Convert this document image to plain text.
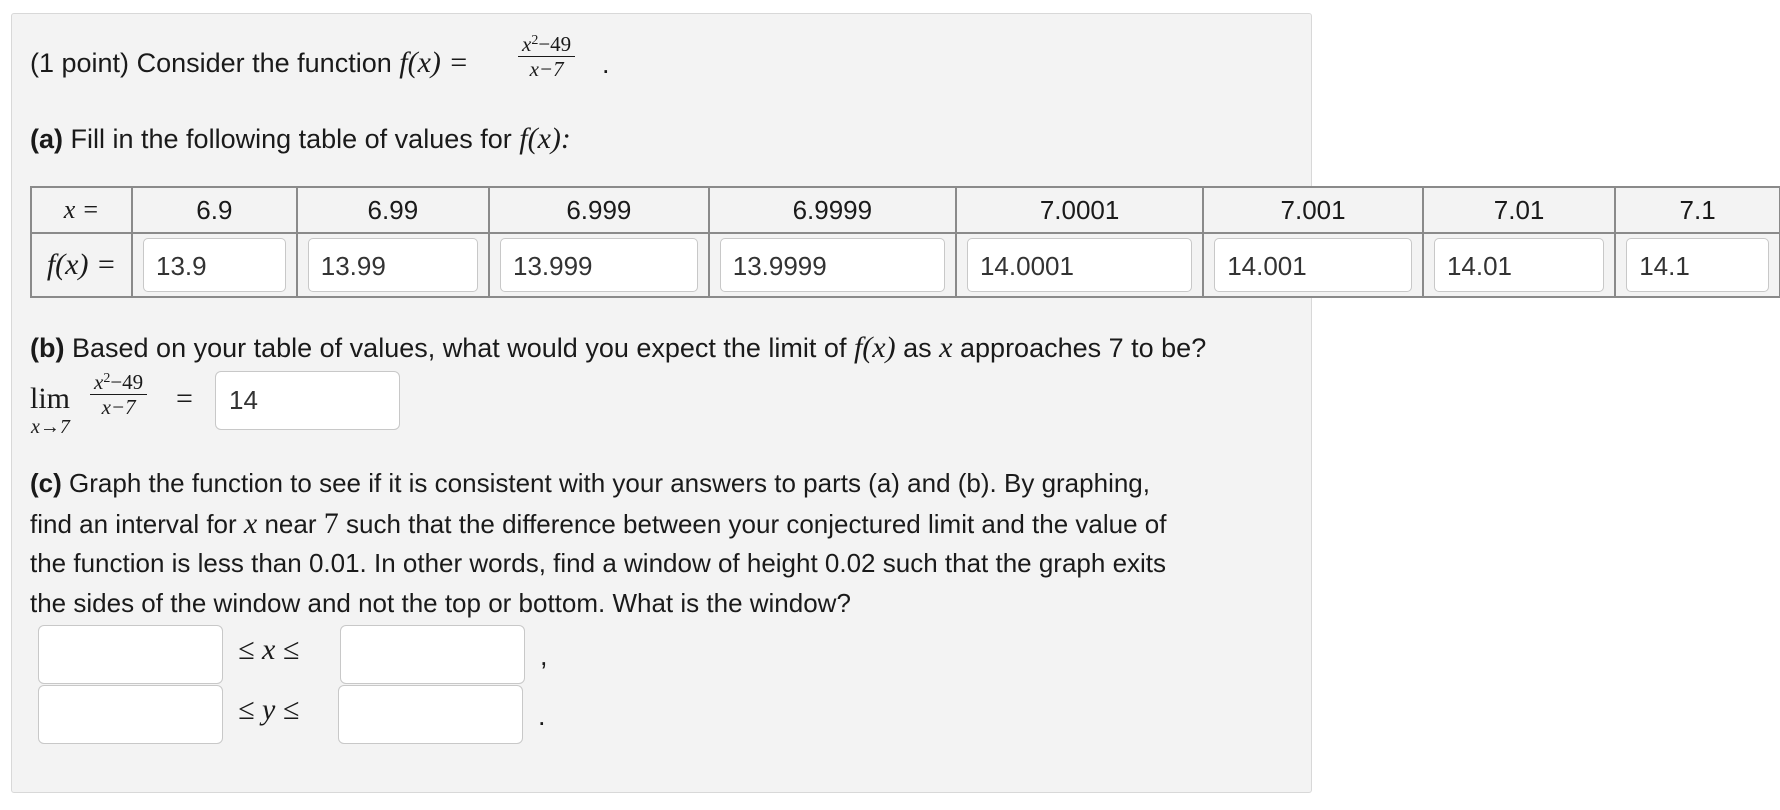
(1 point) Consider the function $f(x) = \frac{x^2-49}{x-7}$ .
(a) Fill in the following table of values for f(x):
x =	6.9	6.99	6.999	6.9999	7.0001	7.001	7.01	7.1
f(x) =	13.9	13.99	13.999	13.9999	14.0001	14.001	14.01	14.1
(b) Based on your table of values, what would you expect the limit of f(x) as x approaches 7 to be?
lim
x→7
$\frac{x^2-49}{x-7}$ =	14
(c) Graph the function to see if it is consistent with your answers to parts (a) and (b). By graphing,
find an interval for x near 7 such that the difference between your conjectured limit and the value of
the function is less than 0.01. In other words, find a window of height 0.02 such that the graph exits
the sides of the window and not the top or bottom. What is the window?
≤ x ≤	,
≤ y ≤	.
